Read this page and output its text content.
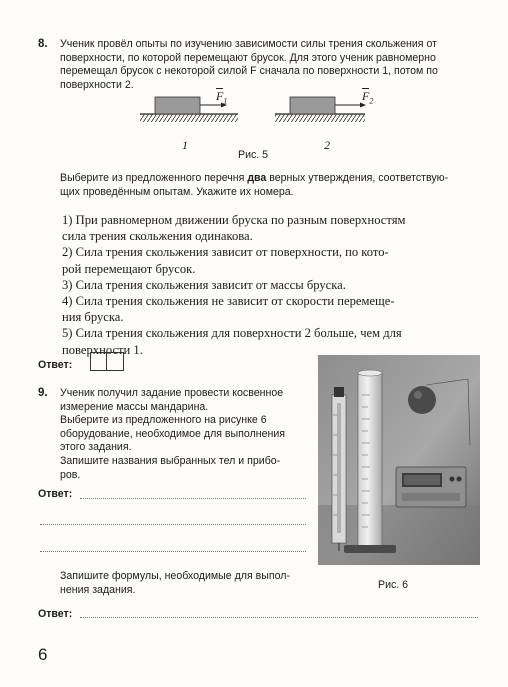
8. Ученик провёл опыты по изучению зависимости силы трения скольжения от
поверхности, по которой перемещают брусок. Для этого ученик равномерно
перемещал брусок с некоторой силой F сначала по поверхности 1, потом по
поверхности 2.
$F_1$	$F_2$
1	2
Рис. 5
Выберите из предложенного перечня два верных утверждения, соответствую-
щих проведённым опытам. Укажите их номера.
1) При равномерном движении бруска по разным поверхностям
сила трения скольжения одинакова.
2) Сила трения скольжения зависит от поверхности, по кото-
рой перемещают брусок.
3) Сила трения скольжения зависит от массы бруска.
4) Сила трения скольжения не зависит от скорости перемеще-
ния бруска.
5) Сила трения скольжения для поверхности 2 больше, чем для
поверхности 1.
Ответ:
9. Ученик получил задание провести косвенное
измерение массы мандарина.
Выберите из предложенного на рисунке 6
оборудование, необходимое для выполнения
этого задания.
Запишите названия выбранных тел и прибо-
ров.
Ответ:
Запишите формулы, необходимые для выпол-
нения задания.
Ответ:
Рис. 6
6
